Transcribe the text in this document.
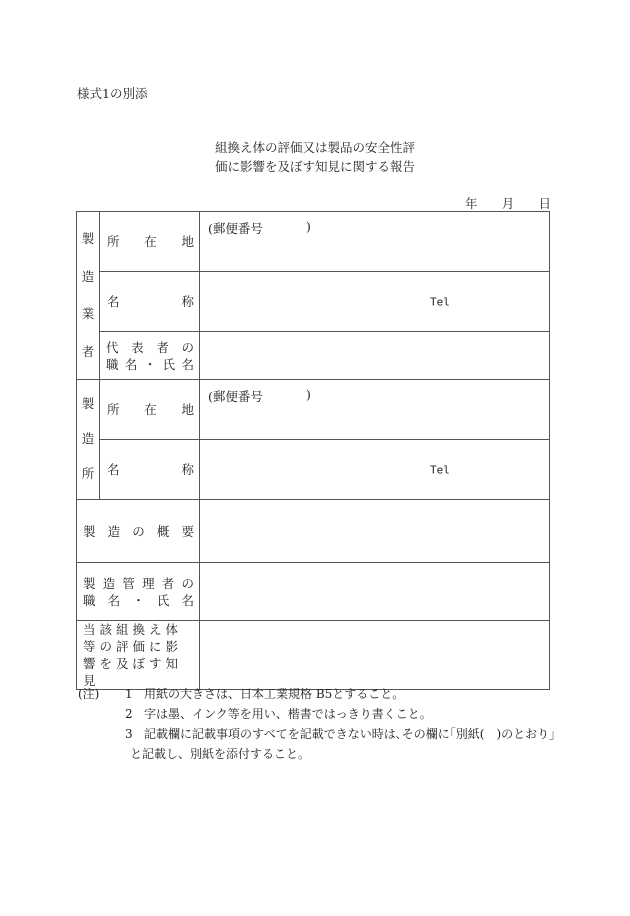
様式1の別添
組換え体の評価又は製品の安全性評
価に影響を及ぼす知見に関する報告
年 月 日
製
造
業
者	所在地	(郵便番号 )

	名称	Tel

	代表者の
職名・氏名	

製
造
所	所在地	(郵便番号 )

	名称	Tel

製造の概要		

製造管理者の
職名・氏名		

当該組換え体等の評価に影響を及ぼす知見		

(注)	1 用紙の大きさは、日本工業規格 B5とすること。
2 字は墨、インク等を用い、楷書ではっきり書くこと。
3 記載欄に記載事項のすべてを記載できない時は､その欄に｢別紙(　)のとおり｣
と記載し、別紙を添付すること。
